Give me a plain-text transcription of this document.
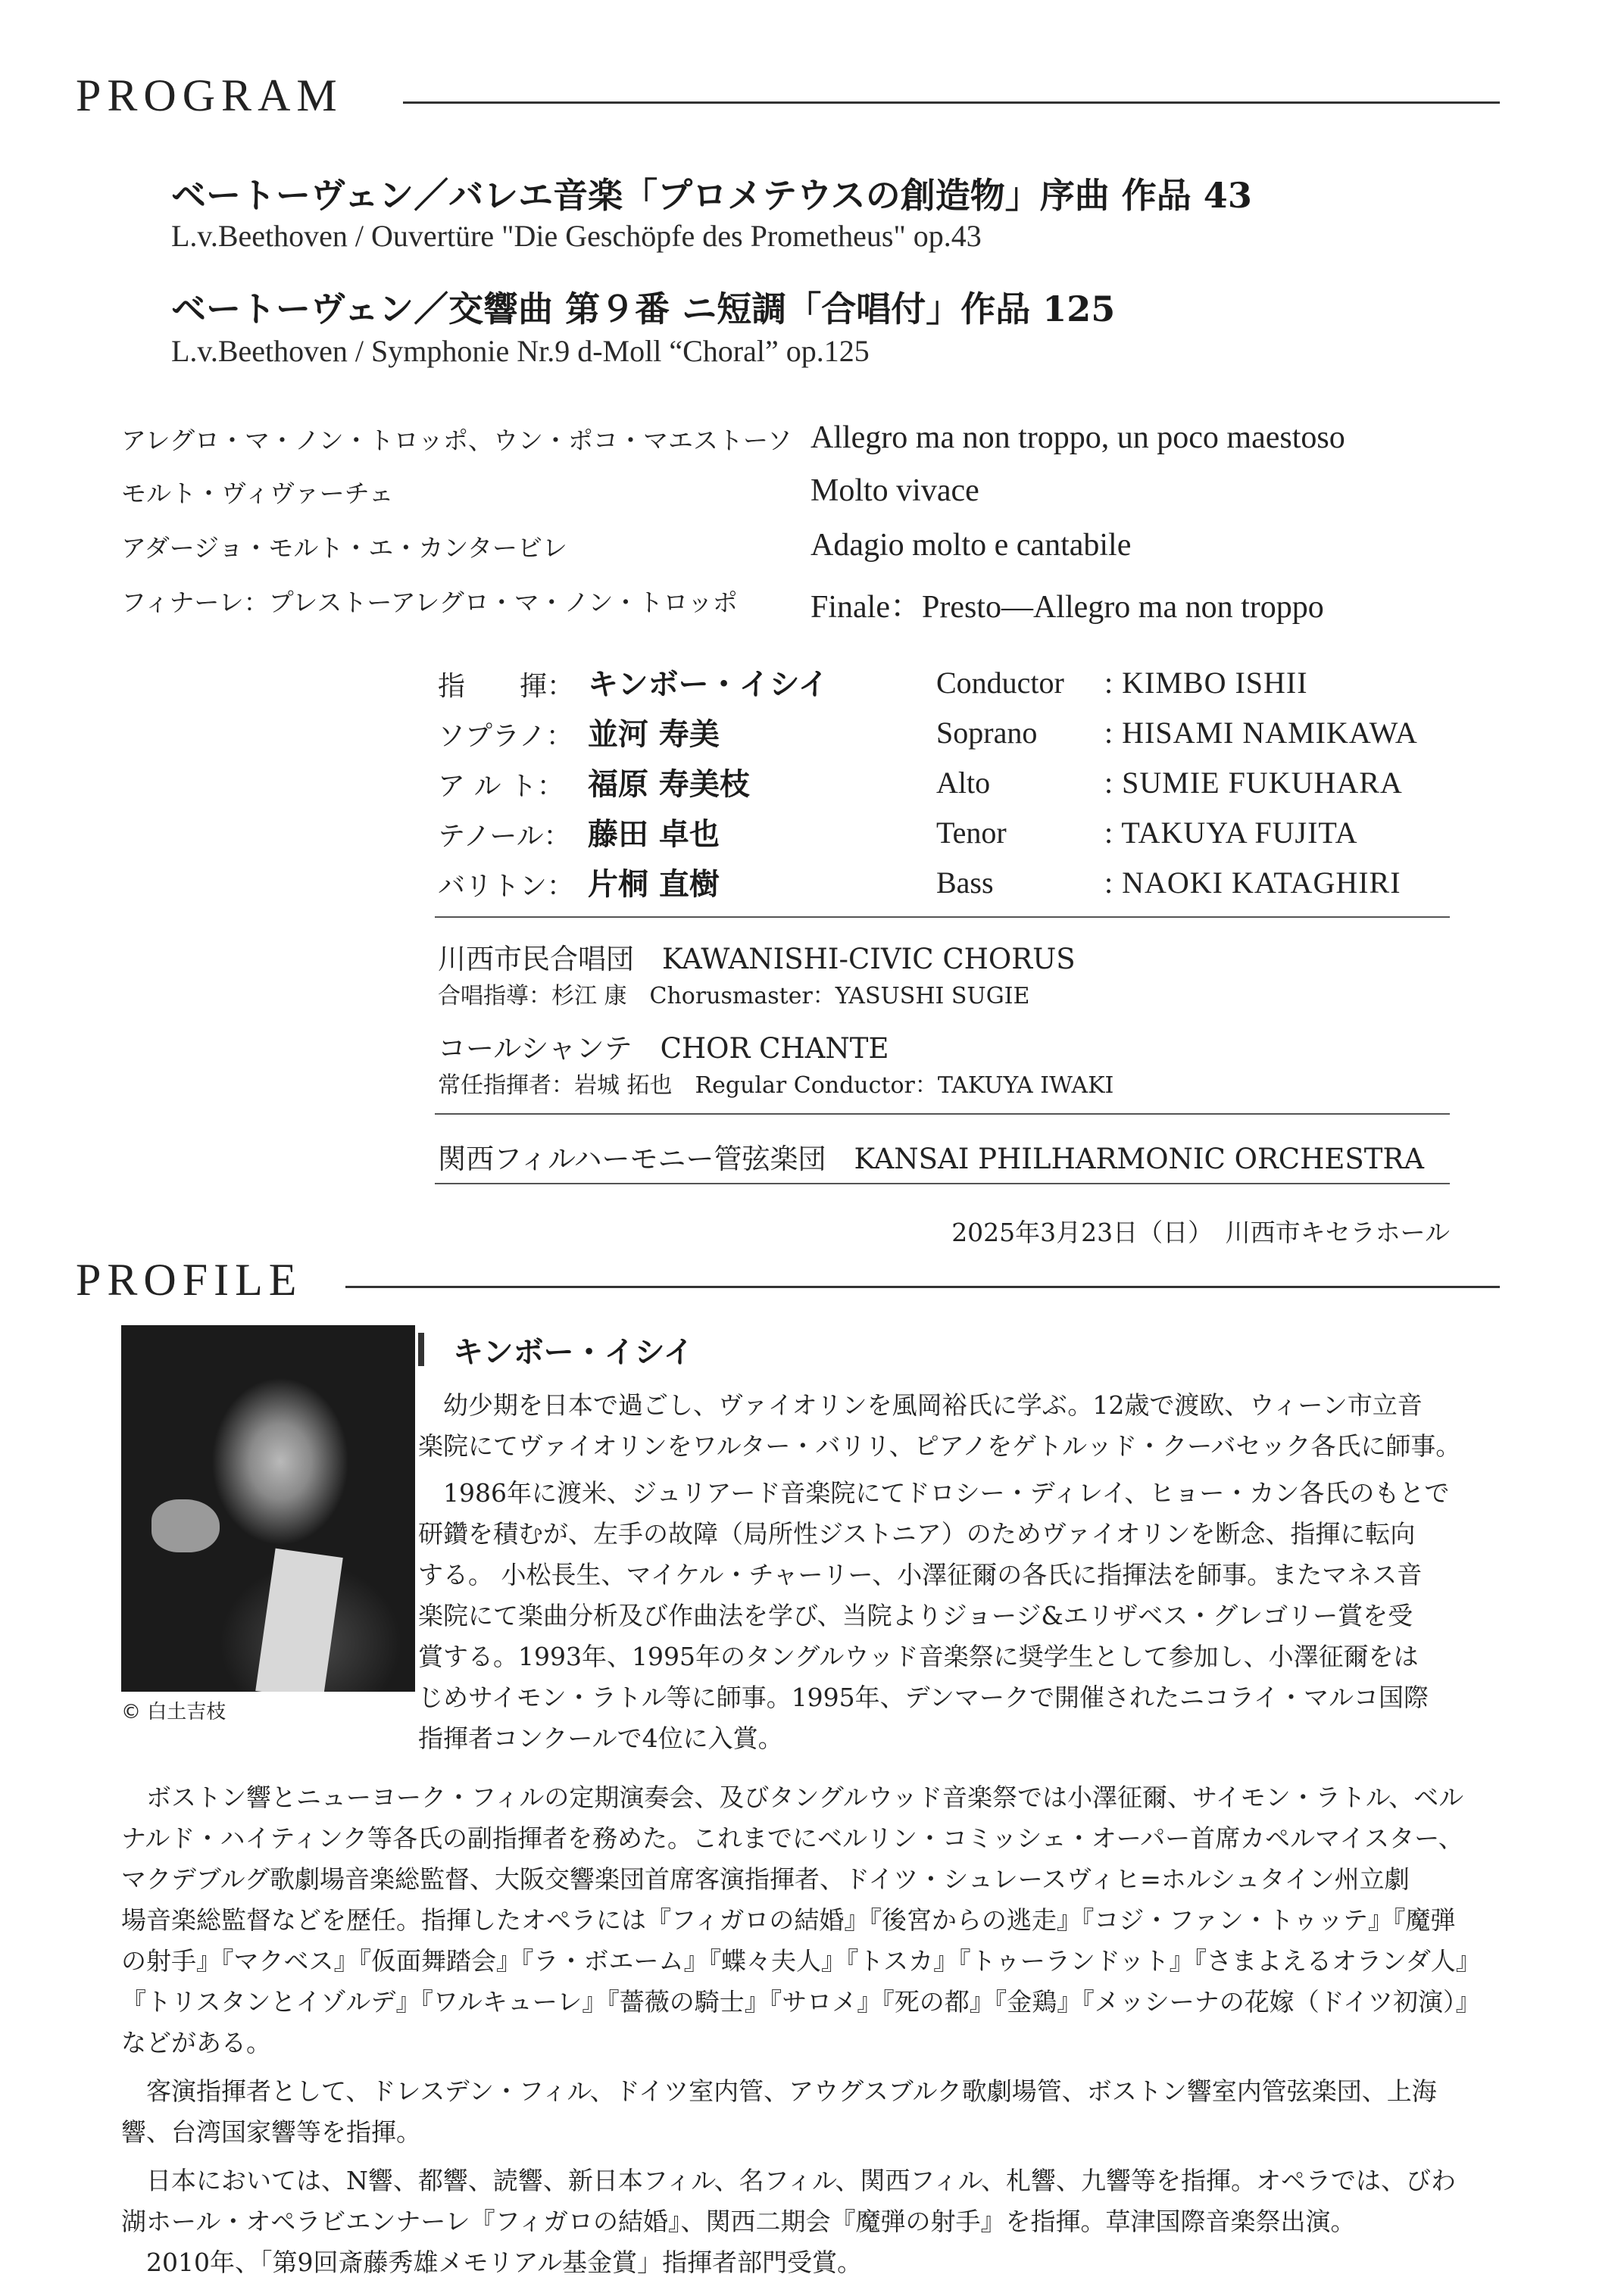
PROGRAM
ベートーヴェン／バレエ音楽「プロメテウスの創造物」序曲 作品 43
L.v.Beethoven / Ouvertüre "Die Geschöpfe des Prometheus" op.43
ベートーヴェン／交響曲 第９番 ニ短調「合唱付」作品 125
L.v.Beethoven / Symphonie Nr.9 d-Moll “Choral” op.125
アレグロ・マ・ノン・トロッポ、ウン・ポコ・マエストーソ Allegro ma non troppo, un poco maestoso
モルト・ヴィヴァーチェ	Molto vivace
アダージョ・モルト・エ・カンタービレ	Adagio molto e cantabile
フィナーレ：プレストーアレグロ・マ・ノン・トロッポ Finale：Presto—Allegro ma non troppo
指　　揮： キンボー・イシイ	Conductor : KIMBO ISHII
ソプラノ： 並河 寿美	Soprano : HISAMI NAMIKAWA
ア ル ト： 福原 寿美枝	Alto	: SUMIE FUKUHARA
テノール： 藤田 卓也	Tenor	: TAKUYA FUJITA
バリトン： 片桐 直樹	Bass	: NAOKI KATAGHIRI
川西市民合唱団　KAWANISHI-CIVIC CHORUS
合唱指導：杉江 康　Chorusmaster：YASUSHI SUGIE
コールシャンテ　CHOR CHANTE
常任指揮者：岩城 拓也　Regular Conductor：TAKUYA IWAKI
関西フィルハーモニー管弦楽団　KANSAI PHILHARMONIC ORCHESTRA
2025年3月23日（日）　川西市キセラホール
PROFILE
© 白土吉枝
キンボー・イシイ
　幼少期を日本で過ごし、ヴァイオリンを風岡裕氏に学ぶ。12歳で渡欧、ウィーン市立音
楽院にてヴァイオリンをワルター・バリリ、ピアノをゲトルッド・クーバセック各氏に師事。
　1986年に渡米、ジュリアード音楽院にてドロシー・ディレイ、ヒョー・カン各氏のもとで
研鑽を積むが、左手の故障（局所性ジストニア）のためヴァイオリンを断念、指揮に転向
する。 小松長生、マイケル・チャーリー、小澤征爾の各氏に指揮法を師事。またマネス音
楽院にて楽曲分析及び作曲法を学び、当院よりジョージ&エリザベス・グレゴリー賞を受
賞する。1993年、1995年のタングルウッド音楽祭に奨学生として参加し、小澤征爾をは
じめサイモン・ラトル等に師事。1995年、デンマークで開催されたニコライ・マルコ国際
指揮者コンクールで4位に入賞。
　ボストン響とニューヨーク・フィルの定期演奏会、及びタングルウッド音楽祭では小澤征爾、サイモン・ラトル、ベル
ナルド・ハイティンク等各氏の副指揮者を務めた。これまでにベルリン・コミッシェ・オーパー首席カペルマイスター、
マクデブルグ歌劇場音楽総監督、大阪交響楽団首席客演指揮者、ドイツ・シュレースヴィヒ=ホルシュタイン州立劇
場音楽総監督などを歴任。指揮したオペラには『フィガロの結婚』『後宮からの逃走』『コジ・ファン・トゥッテ』『魔弾
の射手』『マクベス』『仮面舞踏会』『ラ・ボエーム』『蝶々夫人』『トスカ』『トゥーランドット』『さまよえるオランダ人』
『トリスタンとイゾルデ』『ワルキューレ』『薔薇の騎士』『サロメ』『死の都』『金鶏』『メッシーナの花嫁（ドイツ初演）』
などがある。
　客演指揮者として、ドレスデン・フィル、ドイツ室内管、アウグスブルク歌劇場管、ボストン響室内管弦楽団、上海
響、台湾国家響等を指揮。
　日本においては、N響、都響、読響、新日本フィル、名フィル、関西フィル、札響、九響等を指揮。オペラでは、びわ
湖ホール・オペラビエンナーレ『フィガロの結婚』、関西二期会『魔弾の射手』を指揮。草津国際音楽祭出演。
　2010年、「第9回斎藤秀雄メモリアル基金賞」指揮者部門受賞。
